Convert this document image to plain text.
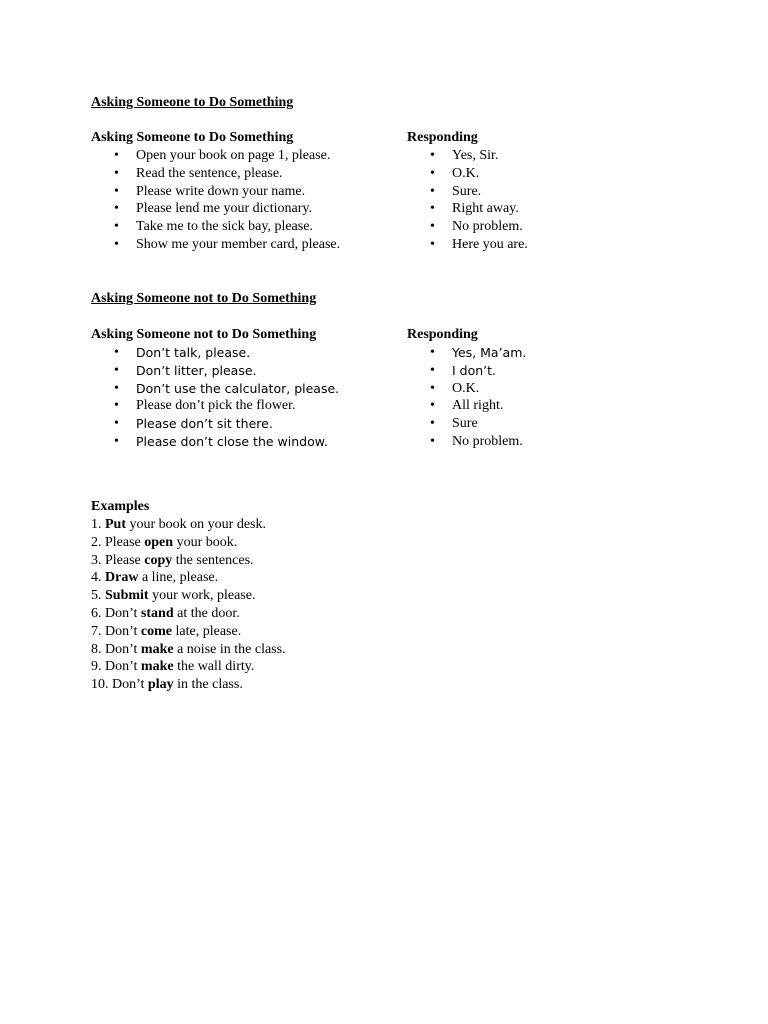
Asking Someone to Do Something
Asking Someone to Do Something
• Open your book on page 1, please.
• Read the sentence, please.
• Please write down your name.
• Please lend me your dictionary.
• Take me to the sick bay, please.
• Show me your member card, please.
Responding
• Yes, Sir.
• O.K.
• Sure.
• Right away.
• No problem.
• Here you are.
Asking Someone not to Do Something
Asking Someone not to Do Something
• Don’t talk, please.
• Don’t litter, please.
• Don’t use the calculator, please.
• Please don’t pick the flower.
• Please don’t sit there.
• Please don’t close the window.
Responding
• Yes, Ma’am.
• I don’t.
• O.K.
• All right.
• Sure
• No problem.
Examples
1. Put your book on your desk.
2. Please open your book.
3. Please copy the sentences.
4. Draw a line, please.
5. Submit your work, please.
6. Don’t stand at the door.
7. Don’t come late, please.
8. Don’t make a noise in the class.
9. Don’t make the wall dirty.
10. Don’t play in the class.
